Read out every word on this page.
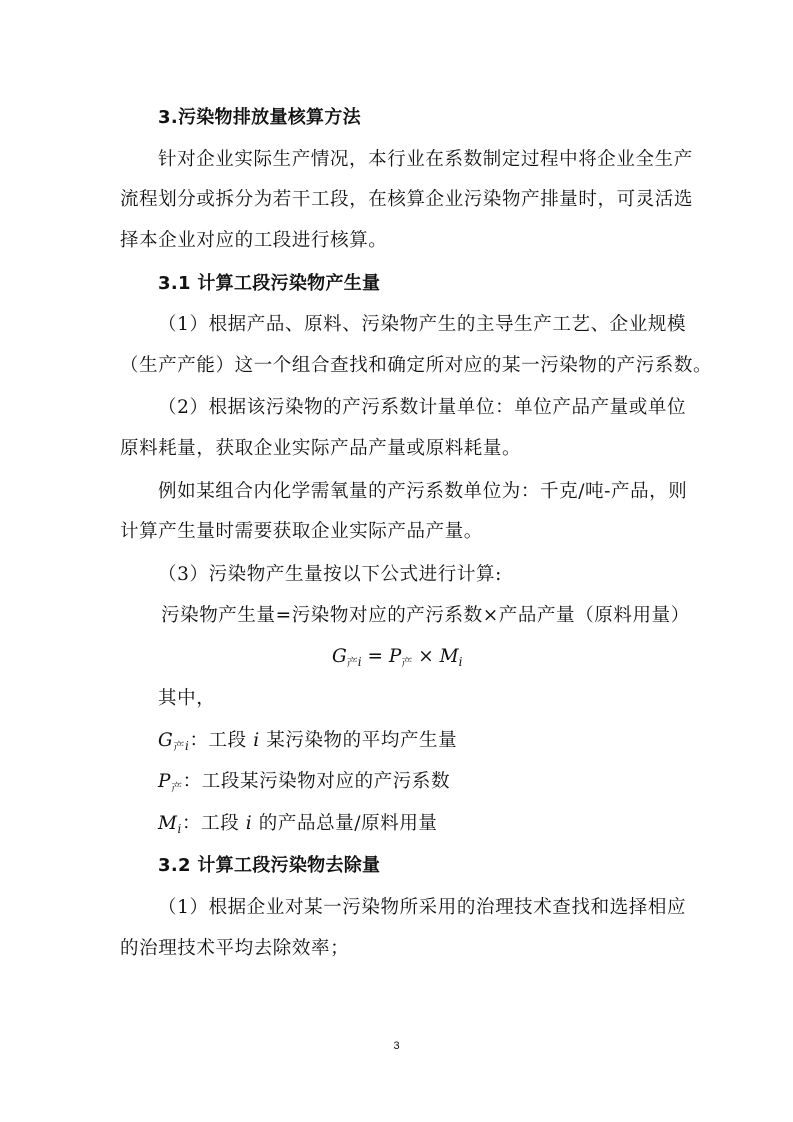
3.污染物排放量核算方法
针对企业实际生产情况，本行业在系数制定过程中将企业全生产
流程划分或拆分为若干工段，在核算企业污染物产排量时，可灵活选
择本企业对应的工段进行核算。
3.1 计算工段污染物产生量
（1）根据产品、原料、污染物产生的主导生产工艺、企业规模
（生产产能）这一个组合查找和确定所对应的某一污染物的产污系数。
（2）根据该污染物的产污系数计量单位：单位产品产量或单位
原料耗量，获取企业实际产品产量或原料耗量。
例如某组合内化学需氧量的产污系数单位为：千克/吨-产品，则
计算产生量时需要获取企业实际产品产量。
（3）污染物产生量按以下公式进行计算:
污染物产生量=污染物对应的产污系数×产品产量（原料用量）
$G_{产i} = P_产 \times M_i$
其中，
$G_{产i}$：工段 i 某污染物的平均产生量
$P_产$：工段某污染物对应的产污系数
$M_i$：工段 i 的产品总量/原料用量
3.2 计算工段污染物去除量
（1）根据企业对某一污染物所采用的治理技术查找和选择相应
的治理技术平均去除效率；
3
